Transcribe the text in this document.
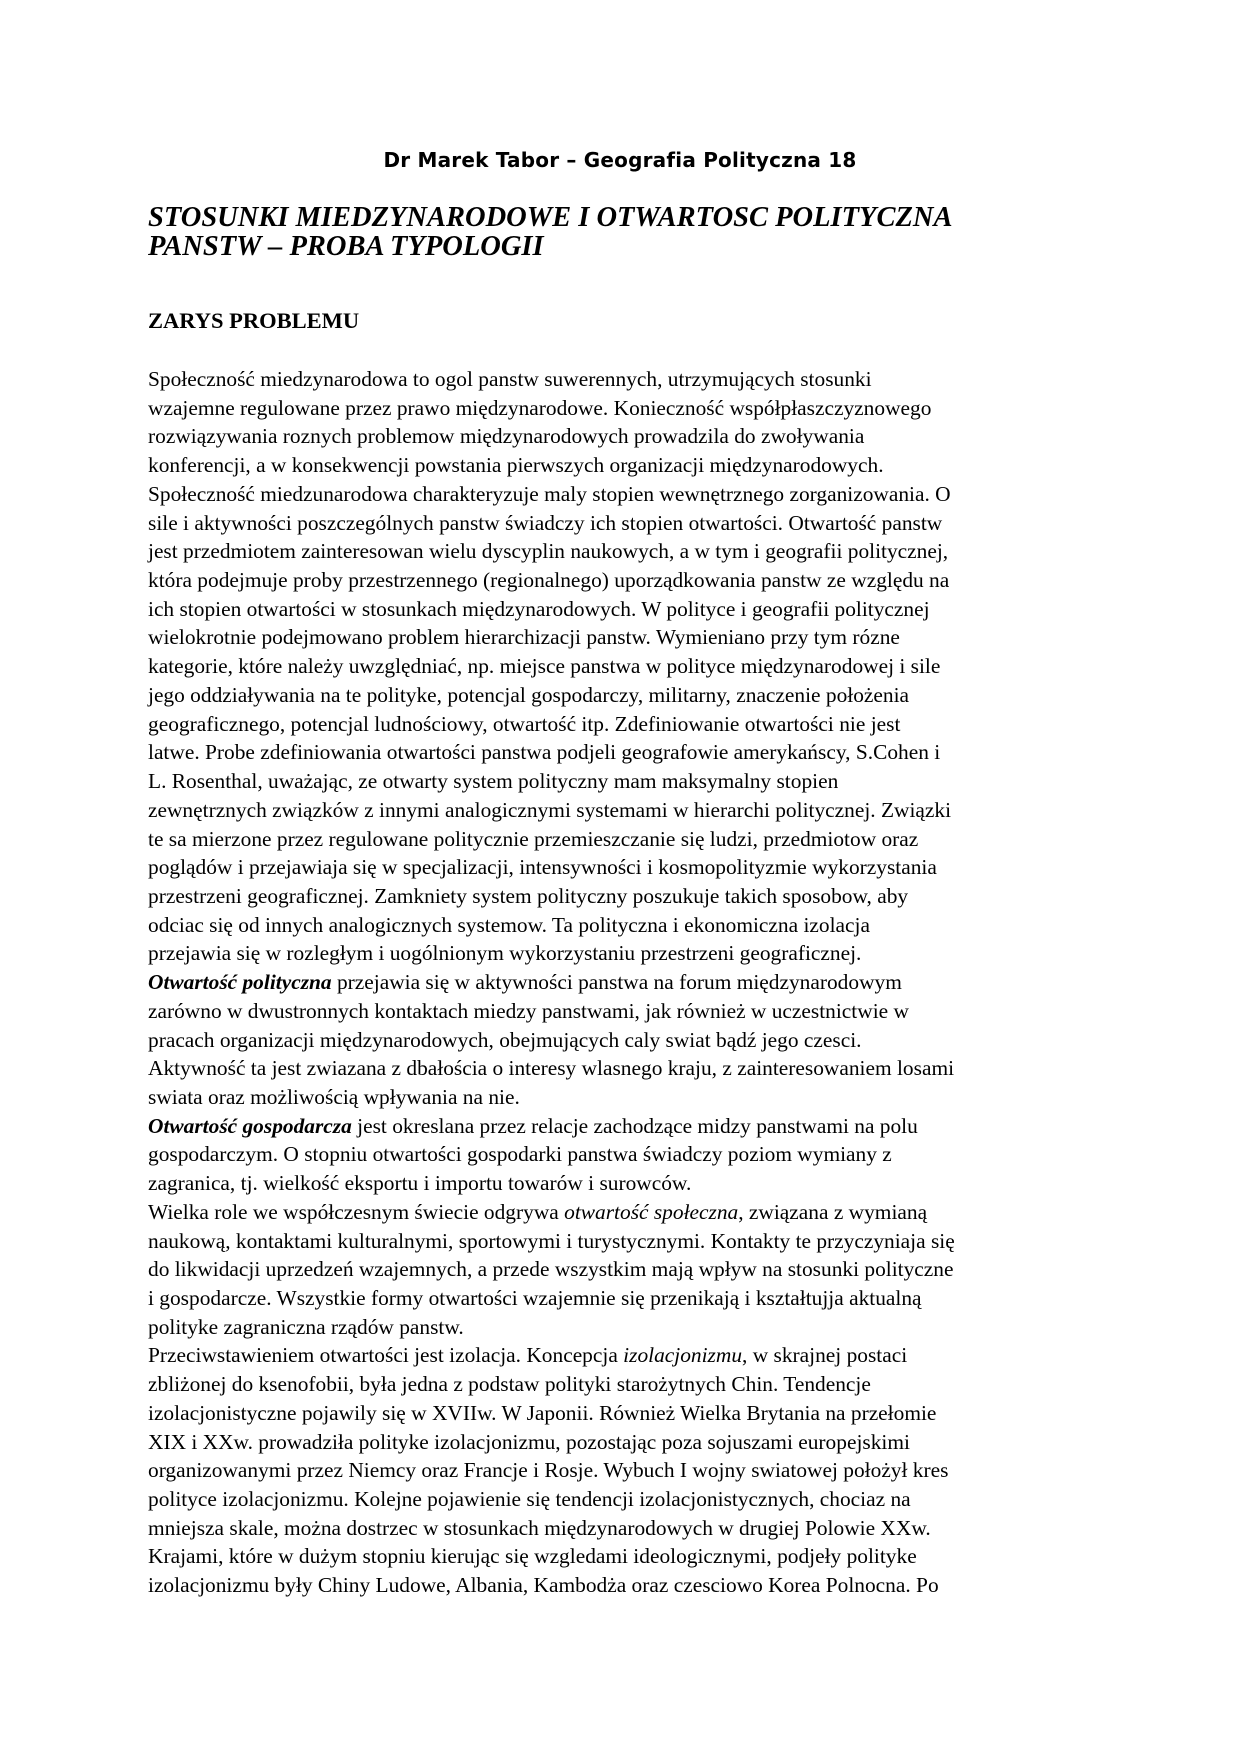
Dr Marek Tabor – Geografia Polityczna 18
STOSUNKI MIEDZYNARODOWE I OTWARTOSC POLITYCZNA
PANSTW – PROBA TYPOLOGII
ZARYS PROBLEMU
Społeczność miedzynarodowa to ogol panstw suwerennych, utrzymujących stosunki
wzajemne regulowane przez prawo międzynarodowe. Konieczność współpłaszczyznowego
rozwiązywania roznych problemow międzynarodowych prowadzila do zwoływania
konferencji, a w konsekwencji powstania pierwszych organizacji międzynarodowych.
Społeczność miedzunarodowa charakteryzuje maly stopien wewnętrznego zorganizowania. O
sile i aktywności poszczególnych panstw świadczy ich stopien otwartości. Otwartość panstw
jest przedmiotem zainteresowan wielu dyscyplin naukowych, a w tym i geografii politycznej,
która podejmuje proby przestrzennego (regionalnego) uporządkowania panstw ze względu na
ich stopien otwartości w stosunkach międzynarodowych. W polityce i geografii politycznej
wielokrotnie podejmowano problem hierarchizacji panstw. Wymieniano przy tym rózne
kategorie, które należy uwzględniać, np. miejsce panstwa w polityce międzynarodowej i sile
jego oddziaływania na te polityke, potencjal gospodarczy, militarny, znaczenie położenia
geograficznego, potencjal ludnościowy, otwartość itp. Zdefiniowanie otwartości nie jest
latwe. Probe zdefiniowania otwartości panstwa podjeli geografowie amerykańscy, S.Cohen i
L. Rosenthal, uważając, ze otwarty system polityczny mam maksymalny stopien
zewnętrznych związków z innymi analogicznymi systemami w hierarchi politycznej. Związki
te sa mierzone przez regulowane politycznie przemieszczanie się ludzi, przedmiotow oraz
poglądów i przejawiaja się w specjalizacji, intensywności i kosmopolityzmie wykorzystania
przestrzeni geograficznej. Zamkniety system polityczny poszukuje takich sposobow, aby
odciac się od innych analogicznych systemow. Ta polityczna i ekonomiczna izolacja
przejawia się w rozległym i uogólnionym wykorzystaniu przestrzeni geograficznej.
Otwartość polityczna przejawia się w aktywności panstwa na forum międzynarodowym
zarówno w dwustronnych kontaktach miedzy panstwami, jak również w uczestnictwie w
pracach organizacji międzynarodowych, obejmujących caly swiat bądź jego czesci.
Aktywność ta jest zwiazana z dbałościa o interesy wlasnego kraju, z zainteresowaniem losami
swiata oraz możliwością wpływania na nie.
Otwartość gospodarcza jest okreslana przez relacje zachodzące midzy panstwami na polu
gospodarczym. O stopniu otwartości gospodarki panstwa świadczy poziom wymiany z
zagranica, tj. wielkość eksportu i importu towarów i surowców.
Wielka role we współczesnym świecie odgrywa otwartość społeczna, związana z wymianą
naukową, kontaktami kulturalnymi, sportowymi i turystycznymi. Kontakty te przyczyniaja się
do likwidacji uprzedzeń wzajemnych, a przede wszystkim mają wpływ na stosunki polityczne
i gospodarcze. Wszystkie formy otwartości wzajemnie się przenikają i kształtujja aktualną
polityke zagraniczna rządów panstw.
Przeciwstawieniem otwartości jest izolacja. Koncepcja izolacjonizmu, w skrajnej postaci
zbliżonej do ksenofobii, była jedna z podstaw polityki starożytnych Chin. Tendencje
izolacjonistyczne pojawily się w XVIIw. W Japonii. Również Wielka Brytania na przełomie
XIX i XXw. prowadziła polityke izolacjonizmu, pozostając poza sojuszami europejskimi
organizowanymi przez Niemcy oraz Francje i Rosje. Wybuch I wojny swiatowej położył kres
polityce izolacjonizmu. Kolejne pojawienie się tendencji izolacjonistycznych, chociaz na
mniejsza skale, można dostrzec w stosunkach międzynarodowych w drugiej Polowie XXw.
Krajami, które w dużym stopniu kierując się wzgledami ideologicznymi, podjeły polityke
izolacjonizmu były Chiny Ludowe, Albania, Kambodża oraz czesciowo Korea Polnocna. Po
